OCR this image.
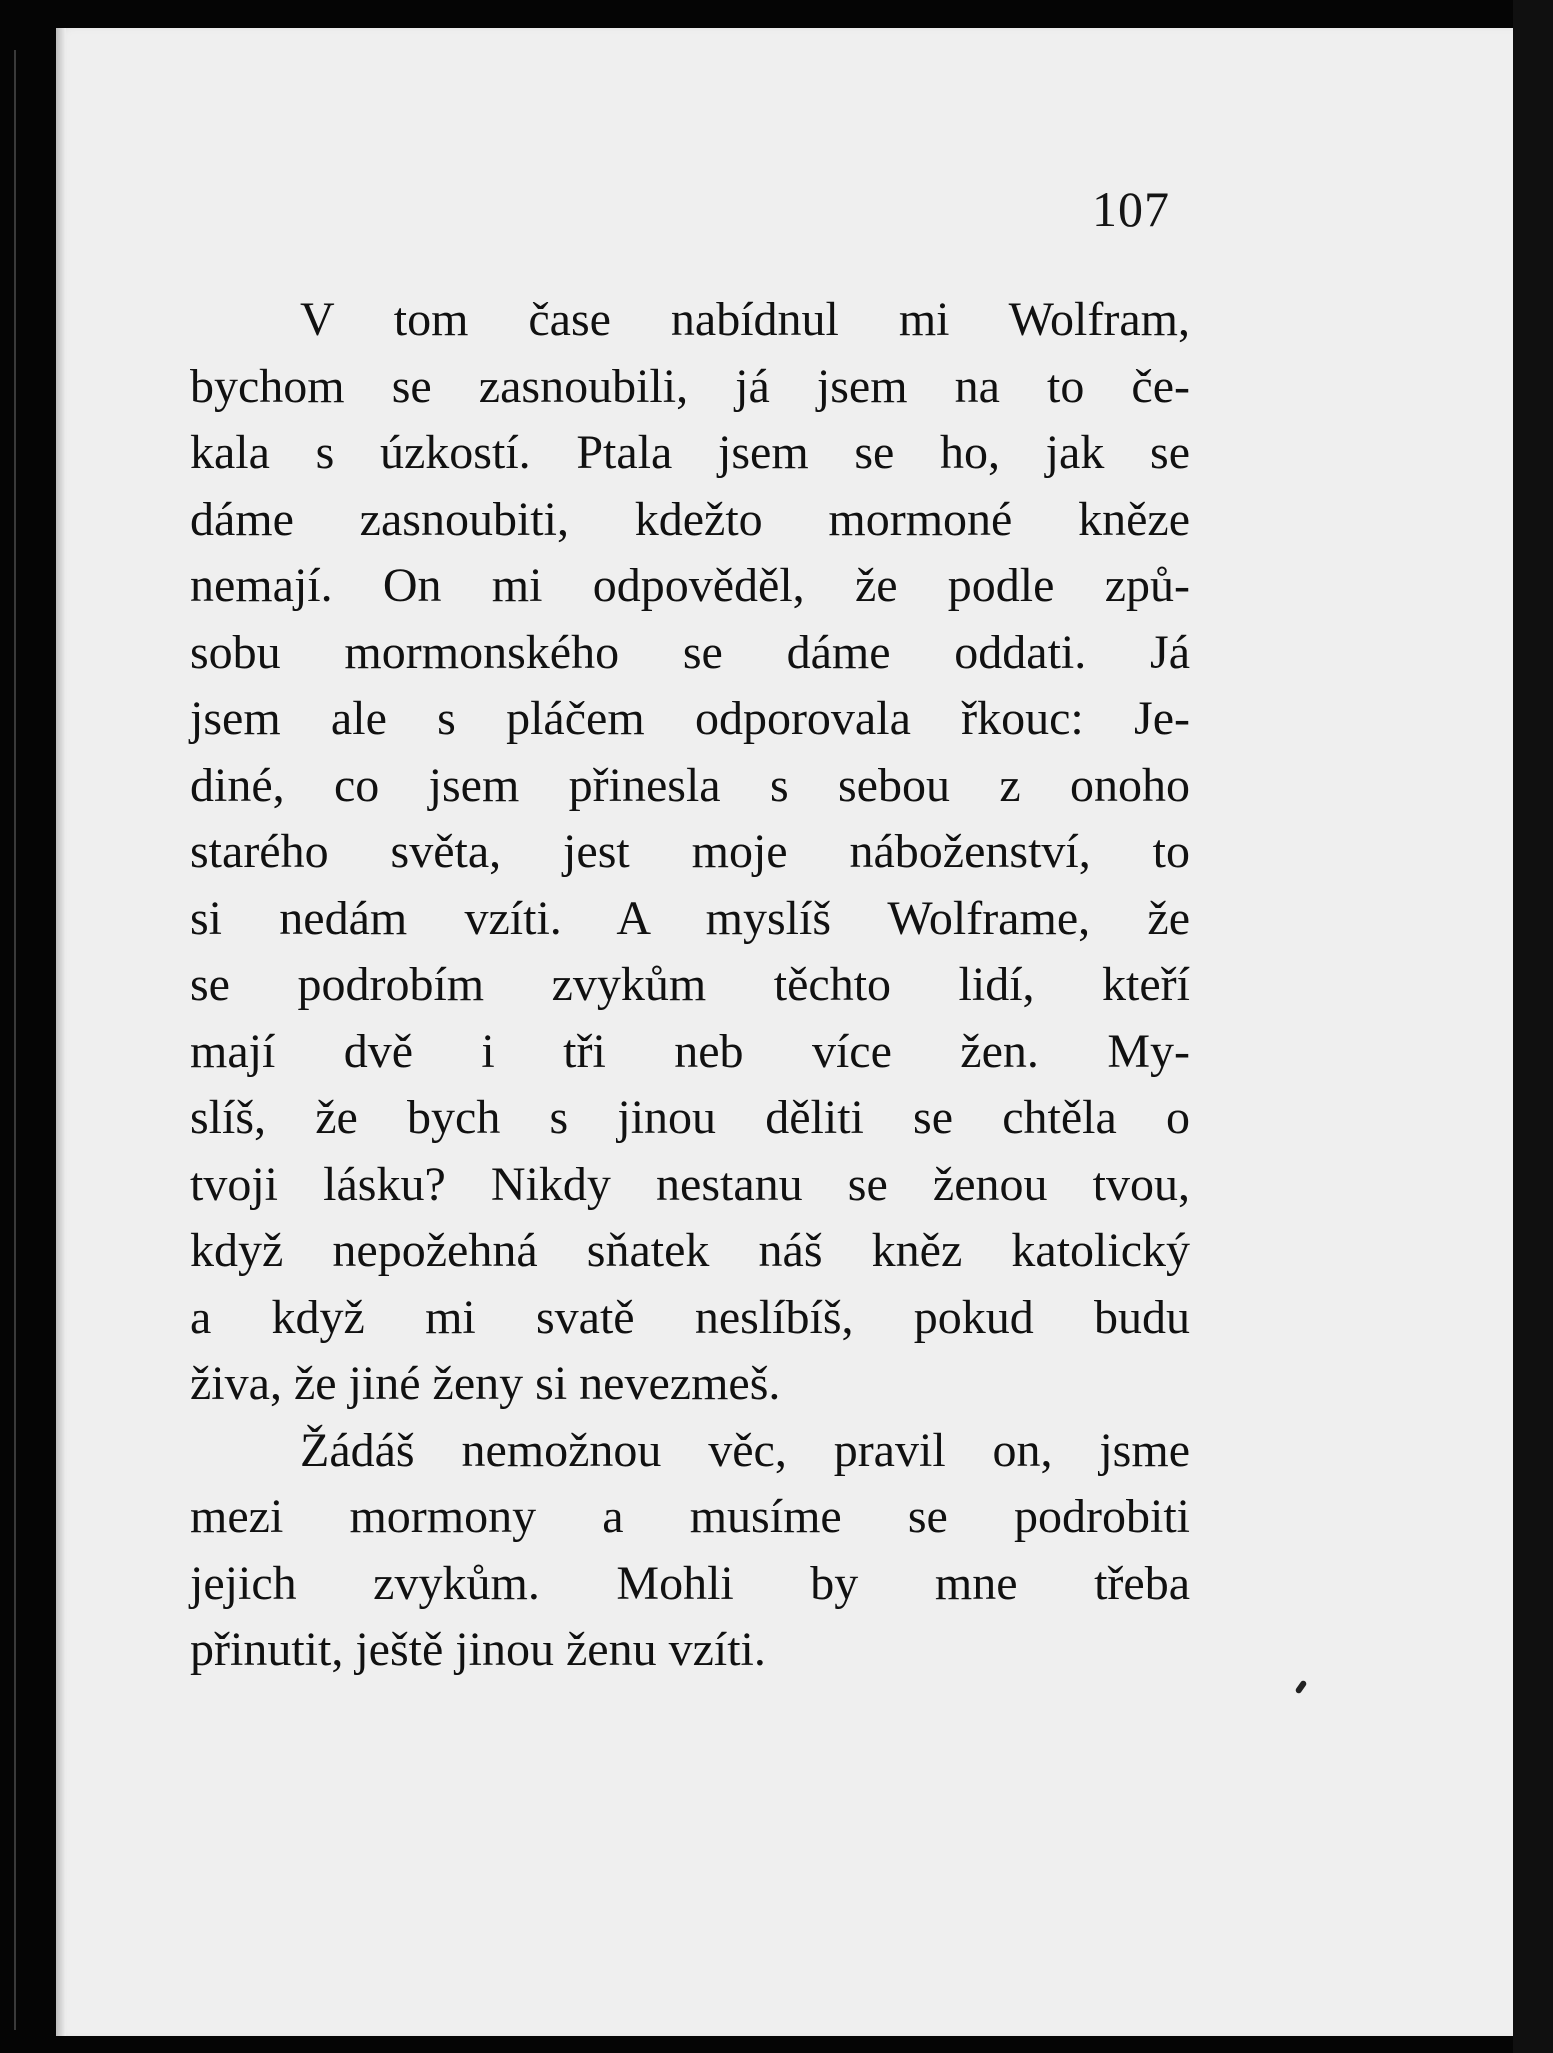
107
V tom čase nabídnul mi Wolfram,
bychom se zasnoubili, já jsem na to če-
kala s úzkostí. Ptala jsem se ho, jak se
dáme zasnoubiti, kdežto mormoné kněze
nemají. On mi odpověděl, že podle způ-
sobu mormonského se dáme oddati. Já
jsem ale s pláčem odporovala řkouc: Je-
diné, co jsem přinesla s sebou z onoho
starého světa, jest moje náboženství, to
si nedám vzíti. A myslíš Wolframe, že
se podrobím zvykům těchto lidí, kteří
mají dvě i tři neb více žen. My-
slíš, že bych s jinou děliti se chtěla o
tvoji lásku? Nikdy nestanu se ženou tvou,
když nepožehná sňatek náš kněz katolický
a když mi svatě neslíbíš, pokud budu
živa, že jiné ženy si nevezmeš.
Žádáš nemožnou věc, pravil on, jsme
mezi mormony a musíme se podrobiti
jejich zvykům. Mohli by mne třeba
přinutit, ještě jinou ženu vzíti.
